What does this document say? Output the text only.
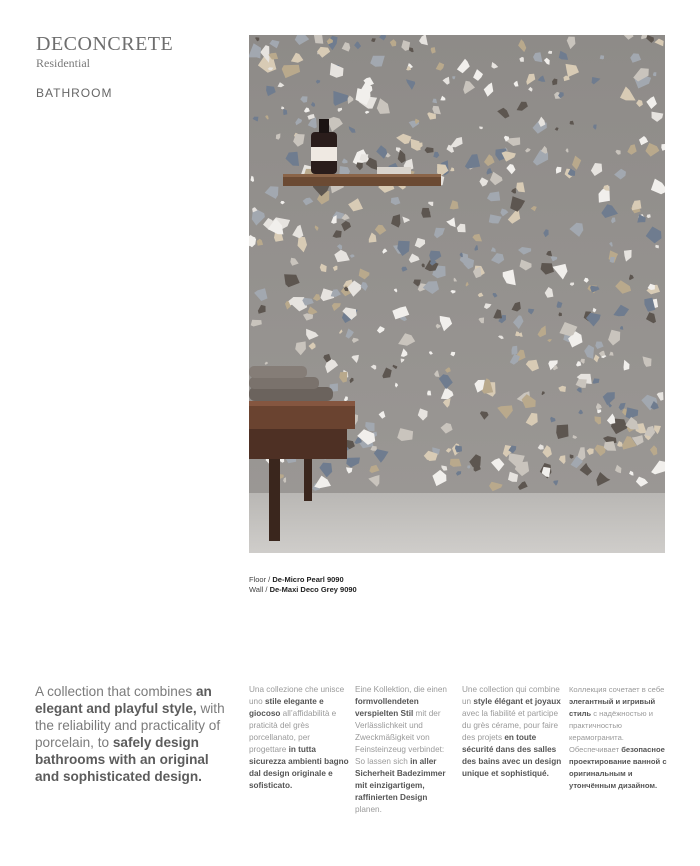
DECONCRETE
Residential
BATHROOM
Floor / De-Micro Pearl 9090
Wall / De-Maxi Deco Grey 9090
A collection that combines an elegant and playful style, with the reliability and practicality of porcelain, to safely design bathrooms with an original and sophisticated design.
Una collezione che unisce uno stile elegante e giocoso all’affidabilità e praticità del grès porcellanato, per progettare in tutta sicurezza ambienti bagno dal design originale e sofisticato.
Eine Kollektion, die einen formvollendeten verspielten Stil mit der Verlässlichkeit und Zweckmäßigkeit von Feinsteinzeug verbindet: So lassen sich in aller Sicherheit Badezimmer mit einzigartigem, raffinierten Design planen.
Une collection qui combine un style élégant et joyaux avec la fiabilité et participe du grès cérame, pour faire des projets en toute sécurité dans des salles des bains avec un design unique et sophistiqué.
Коллекция сочетает в себе элегантный и игривый стиль с надёжностью и практичностью керамогранита. Обеспечивает безопасное проектирование ванной с оригинальным и утончённым дизайном.
